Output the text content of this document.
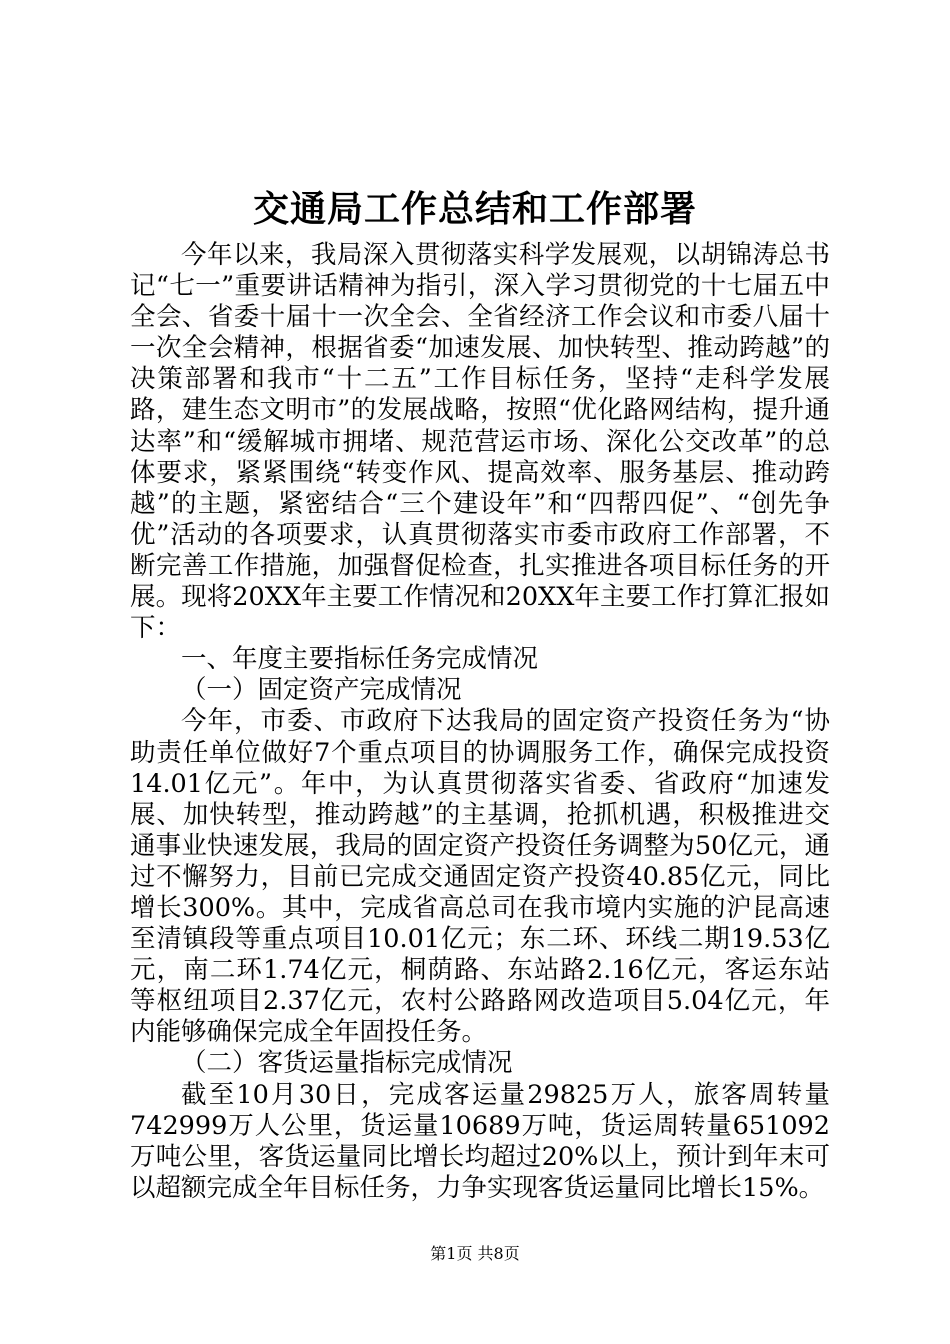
交通局工作总结和工作部署

今年以来，我局深入贯彻落实科学发展观，以胡锦涛总书记“七一”重要讲话精神为指引，深入学习贯彻党的十七届五中全会、省委十届十一次全会、全省经济工作会议和市委八届十一次全会精神，根据省委“加速发展、加快转型、推动跨越”的决策部署和我市“十二五”工作目标任务，坚持“走科学发展路，建生态文明市”的发展战略，按照“优化路网结构，提升通达率”和“缓解城市拥堵、规范营运市场、深化公交改革”的总体要求，紧紧围绕“转变作风、提高效率、服务基层、推动跨越”的主题，紧密结合“三个建设年”和“四帮四促”、“创先争优”活动的各项要求，认真贯彻落实市委市政府工作部署，不断完善工作措施，加强督促检查，扎实推进各项目标任务的开展。现将20XX年主要工作情况和20XX年主要工作打算汇报如下：

一、年度主要指标任务完成情况

（一）固定资产完成情况

今年，市委、市政府下达我局的固定资产投资任务为“协助责任单位做好7个重点项目的协调服务工作，确保完成投资14.01亿元”。年中，为认真贯彻落实省委、省政府“加速发展、加快转型，推动跨越”的主基调，抢抓机遇，积极推进交通事业快速发展，我局的固定资产投资任务调整为50亿元，通过不懈努力，目前已完成交通固定资产投资40.85亿元，同比增长300%。其中，完成省高总司在我市境内实施的沪昆高速至清镇段等重点项目10.01亿元；东二环、环线二期19.53亿元，南二环1.74亿元，桐荫路、东站路2.16亿元，客运东站等枢纽项目2.37亿元，农村公路路网改造项目5.04亿元，年内能够确保完成全年固投任务。

（二）客货运量指标完成情况

截至10月30日，完成客运量29825万人，旅客周转量742999万人公里，货运量10689万吨，货运周转量651092万吨公里，客货运量同比增长均超过20%以上，预计到年末可以超额完成全年目标任务，力争实现客货运量同比增长15%。

第1页 共8页
